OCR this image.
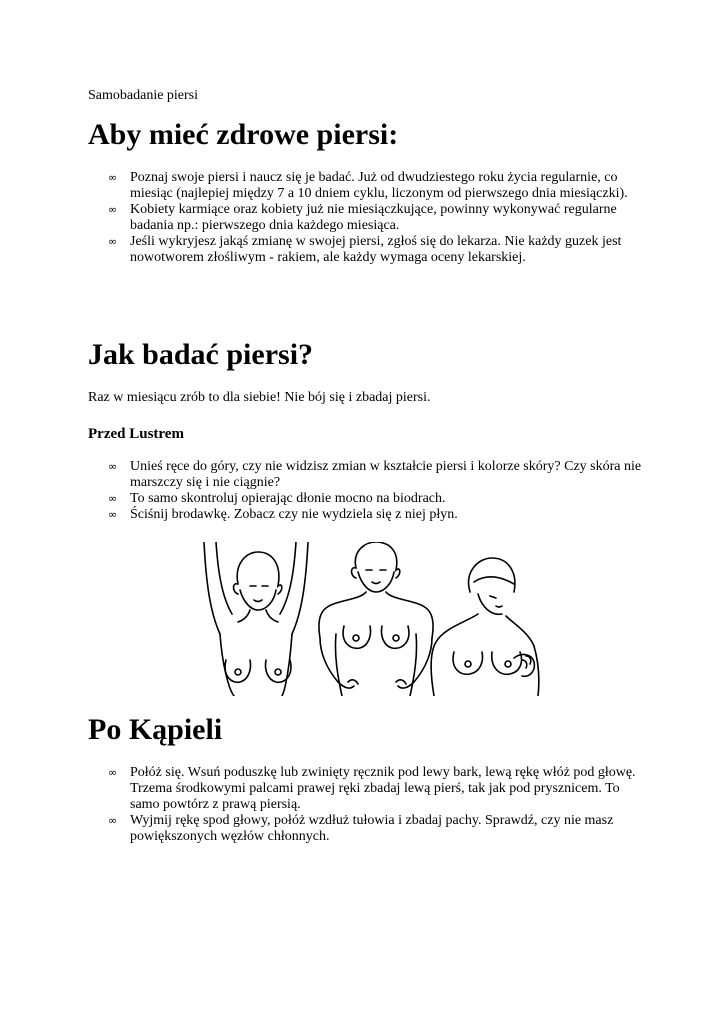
Samobadanie piersi

Aby mieć zdrowe piersi:
∞ Poznaj swoje piersi i naucz się je badać. Już od dwudziestego roku życia regularnie, co miesiąc (najlepiej między 7 a 10 dniem cyklu, liczonym od pierwszego dnia miesiączki).
∞ Kobiety karmiące oraz kobiety już nie miesiączkujące, powinny wykonywać regularne badania np.: pierwszego dnia każdego miesiąca.
∞ Jeśli wykryjesz jakąś zmianę w swojej piersi, zgłoś się do lekarza. Nie każdy guzek jest nowotworem złośliwym - rakiem, ale każdy wymaga oceny lekarskiej.
Jak badać piersi?

Raz w miesiącu zrób to dla siebie! Nie bój się i zbadaj piersi.

Przed Lustrem
∞ Unieś ręce do góry, czy nie widzisz zmian w kształcie piersi i kolorze skóry? Czy skóra nie marszczy się i nie ciągnie?
∞ To samo skontroluj opierając dłonie mocno na biodrach.
∞ Ściśnij brodawkę. Zobacz czy nie wydziela się z niej płyn.
Po Kąpieli
∞ Połóż się. Wsuń poduszkę lub zwinięty ręcznik pod lewy bark, lewą rękę włóż pod głowę. Trzema środkowymi palcami prawej ręki zbadaj lewą pierś, tak jak pod prysznicem. To samo powtórz z prawą piersią.
∞ Wyjmij rękę spod głowy, połóż wzdłuż tułowia i zbadaj pachy. Sprawdź, czy nie masz powiększonych węzłów chłonnych.
